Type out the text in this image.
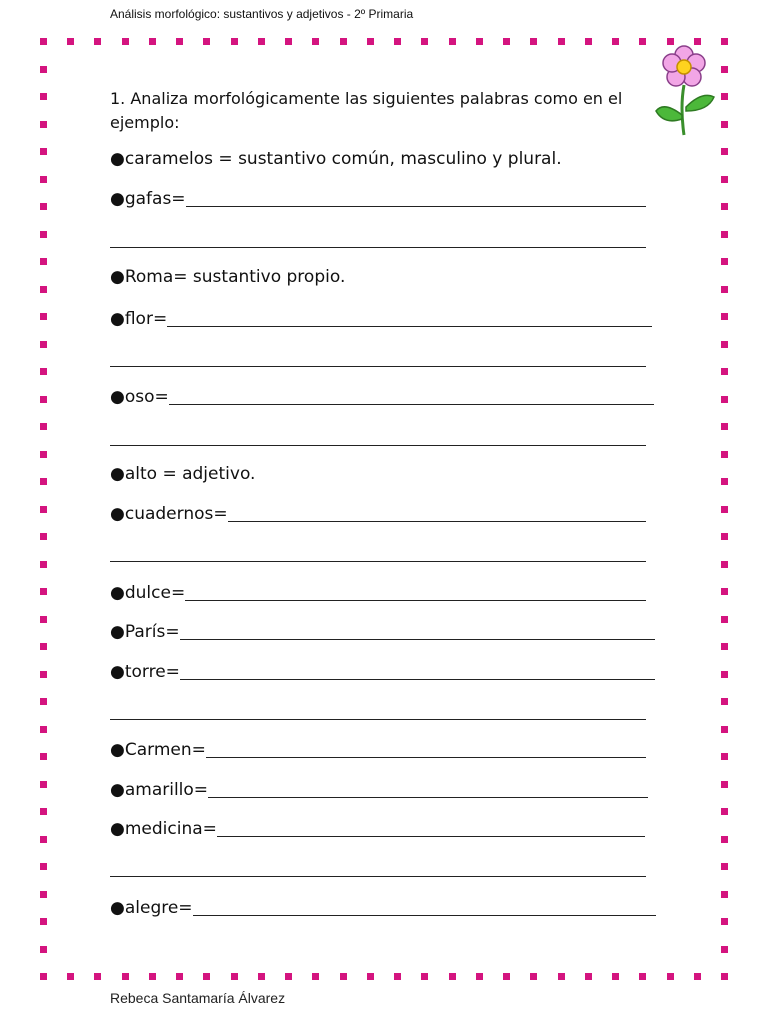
Análisis morfológico: sustantivos y adjetivos - 2º Primaria
1. Analiza morfológicamente las siguientes palabras como en el ejemplo:
●caramelos = sustantivo común, masculino y plural.
●gafas=
●Roma= sustantivo propio.
●flor=
●oso=
●alto = adjetivo.
●cuadernos=
●dulce=
●París=
●torre=
●Carmen=
●amarillo=
●medicina=
●alegre=
Rebeca Santamaría Álvarez
